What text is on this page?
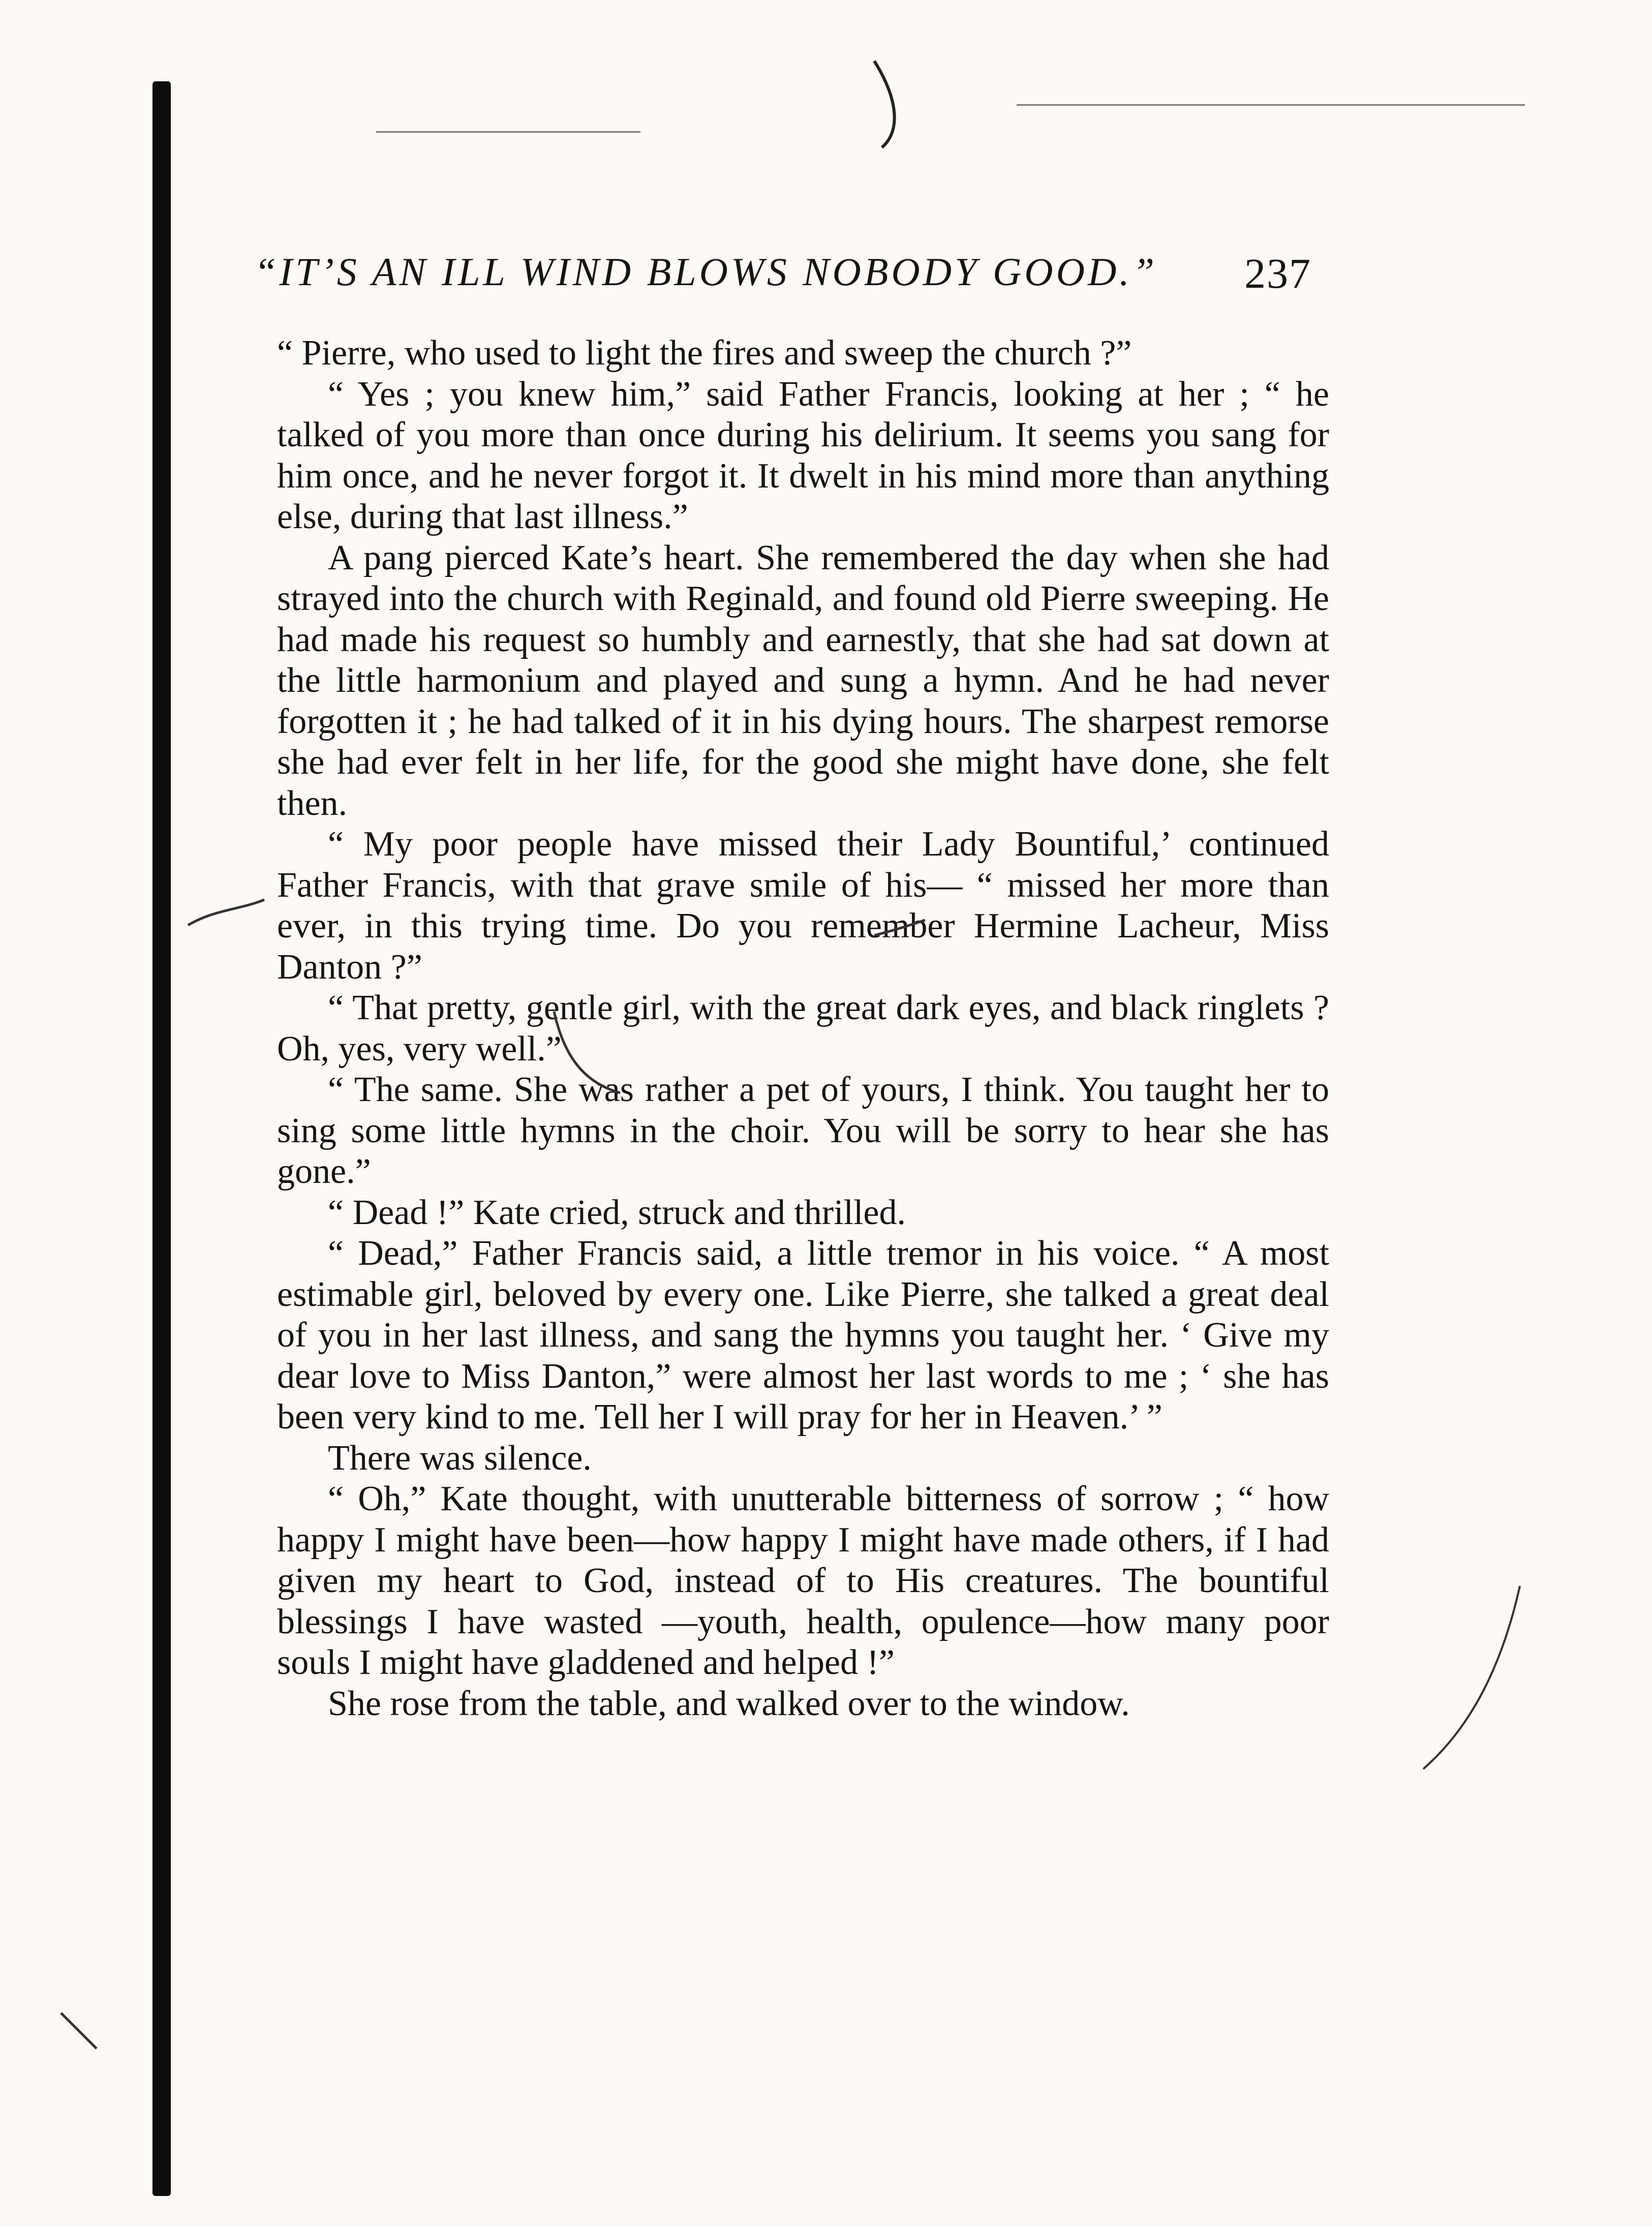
“IT’S AN ILL WIND BLOWS NOBODY GOOD.” 237

“ Pierre, who used to light the fires and sweep the church ?”

“ Yes ; you knew him,” said Father Francis, looking at her ; “ he talked of you more than once during his delirium. It seems you sang for him once, and he never forgot it. It dwelt in his mind more than anything else, during that last illness.”

A pang pierced Kate’s heart. She remembered the day when she had strayed into the church with Reginald, and found old Pierre sweeping. He had made his request so humbly and earnestly, that she had sat down at the little harmonium and played and sung a hymn. And he had never forgotten it ; he had talked of it in his dying hours. The sharpest remorse she had ever felt in her life, for the good she might have done, she felt then.

“ My poor people have missed their Lady Bountiful,’ continued Father Francis, with that grave smile of his— “ missed her more than ever, in this trying time. Do you remember Hermine Lacheur, Miss Danton ?”

“ That pretty, gentle girl, with the great dark eyes, and black ringlets ? Oh, yes, very well.”

“ The same. She was rather a pet of yours, I think. You taught her to sing some little hymns in the choir. You will be sorry to hear she has gone.”

“ Dead !” Kate cried, struck and thrilled.

“ Dead,” Father Francis said, a little tremor in his voice. “ A most estimable girl, beloved by every one. Like Pierre, she talked a great deal of you in her last illness, and sang the hymns you taught her. ‘ Give my dear love to Miss Danton,” were almost her last words to me ; ‘ she has been very kind to me. Tell her I will pray for her in Heaven.’ ”

There was silence.

“ Oh,” Kate thought, with unutterable bitterness of sorrow ; “ how happy I might have been—how happy I might have made others, if I had given my heart to God, instead of to His creatures. The bountiful blessings I have wasted —youth, health, opulence—how many poor souls I might have gladdened and helped !”

She rose from the table, and walked over to the window.
